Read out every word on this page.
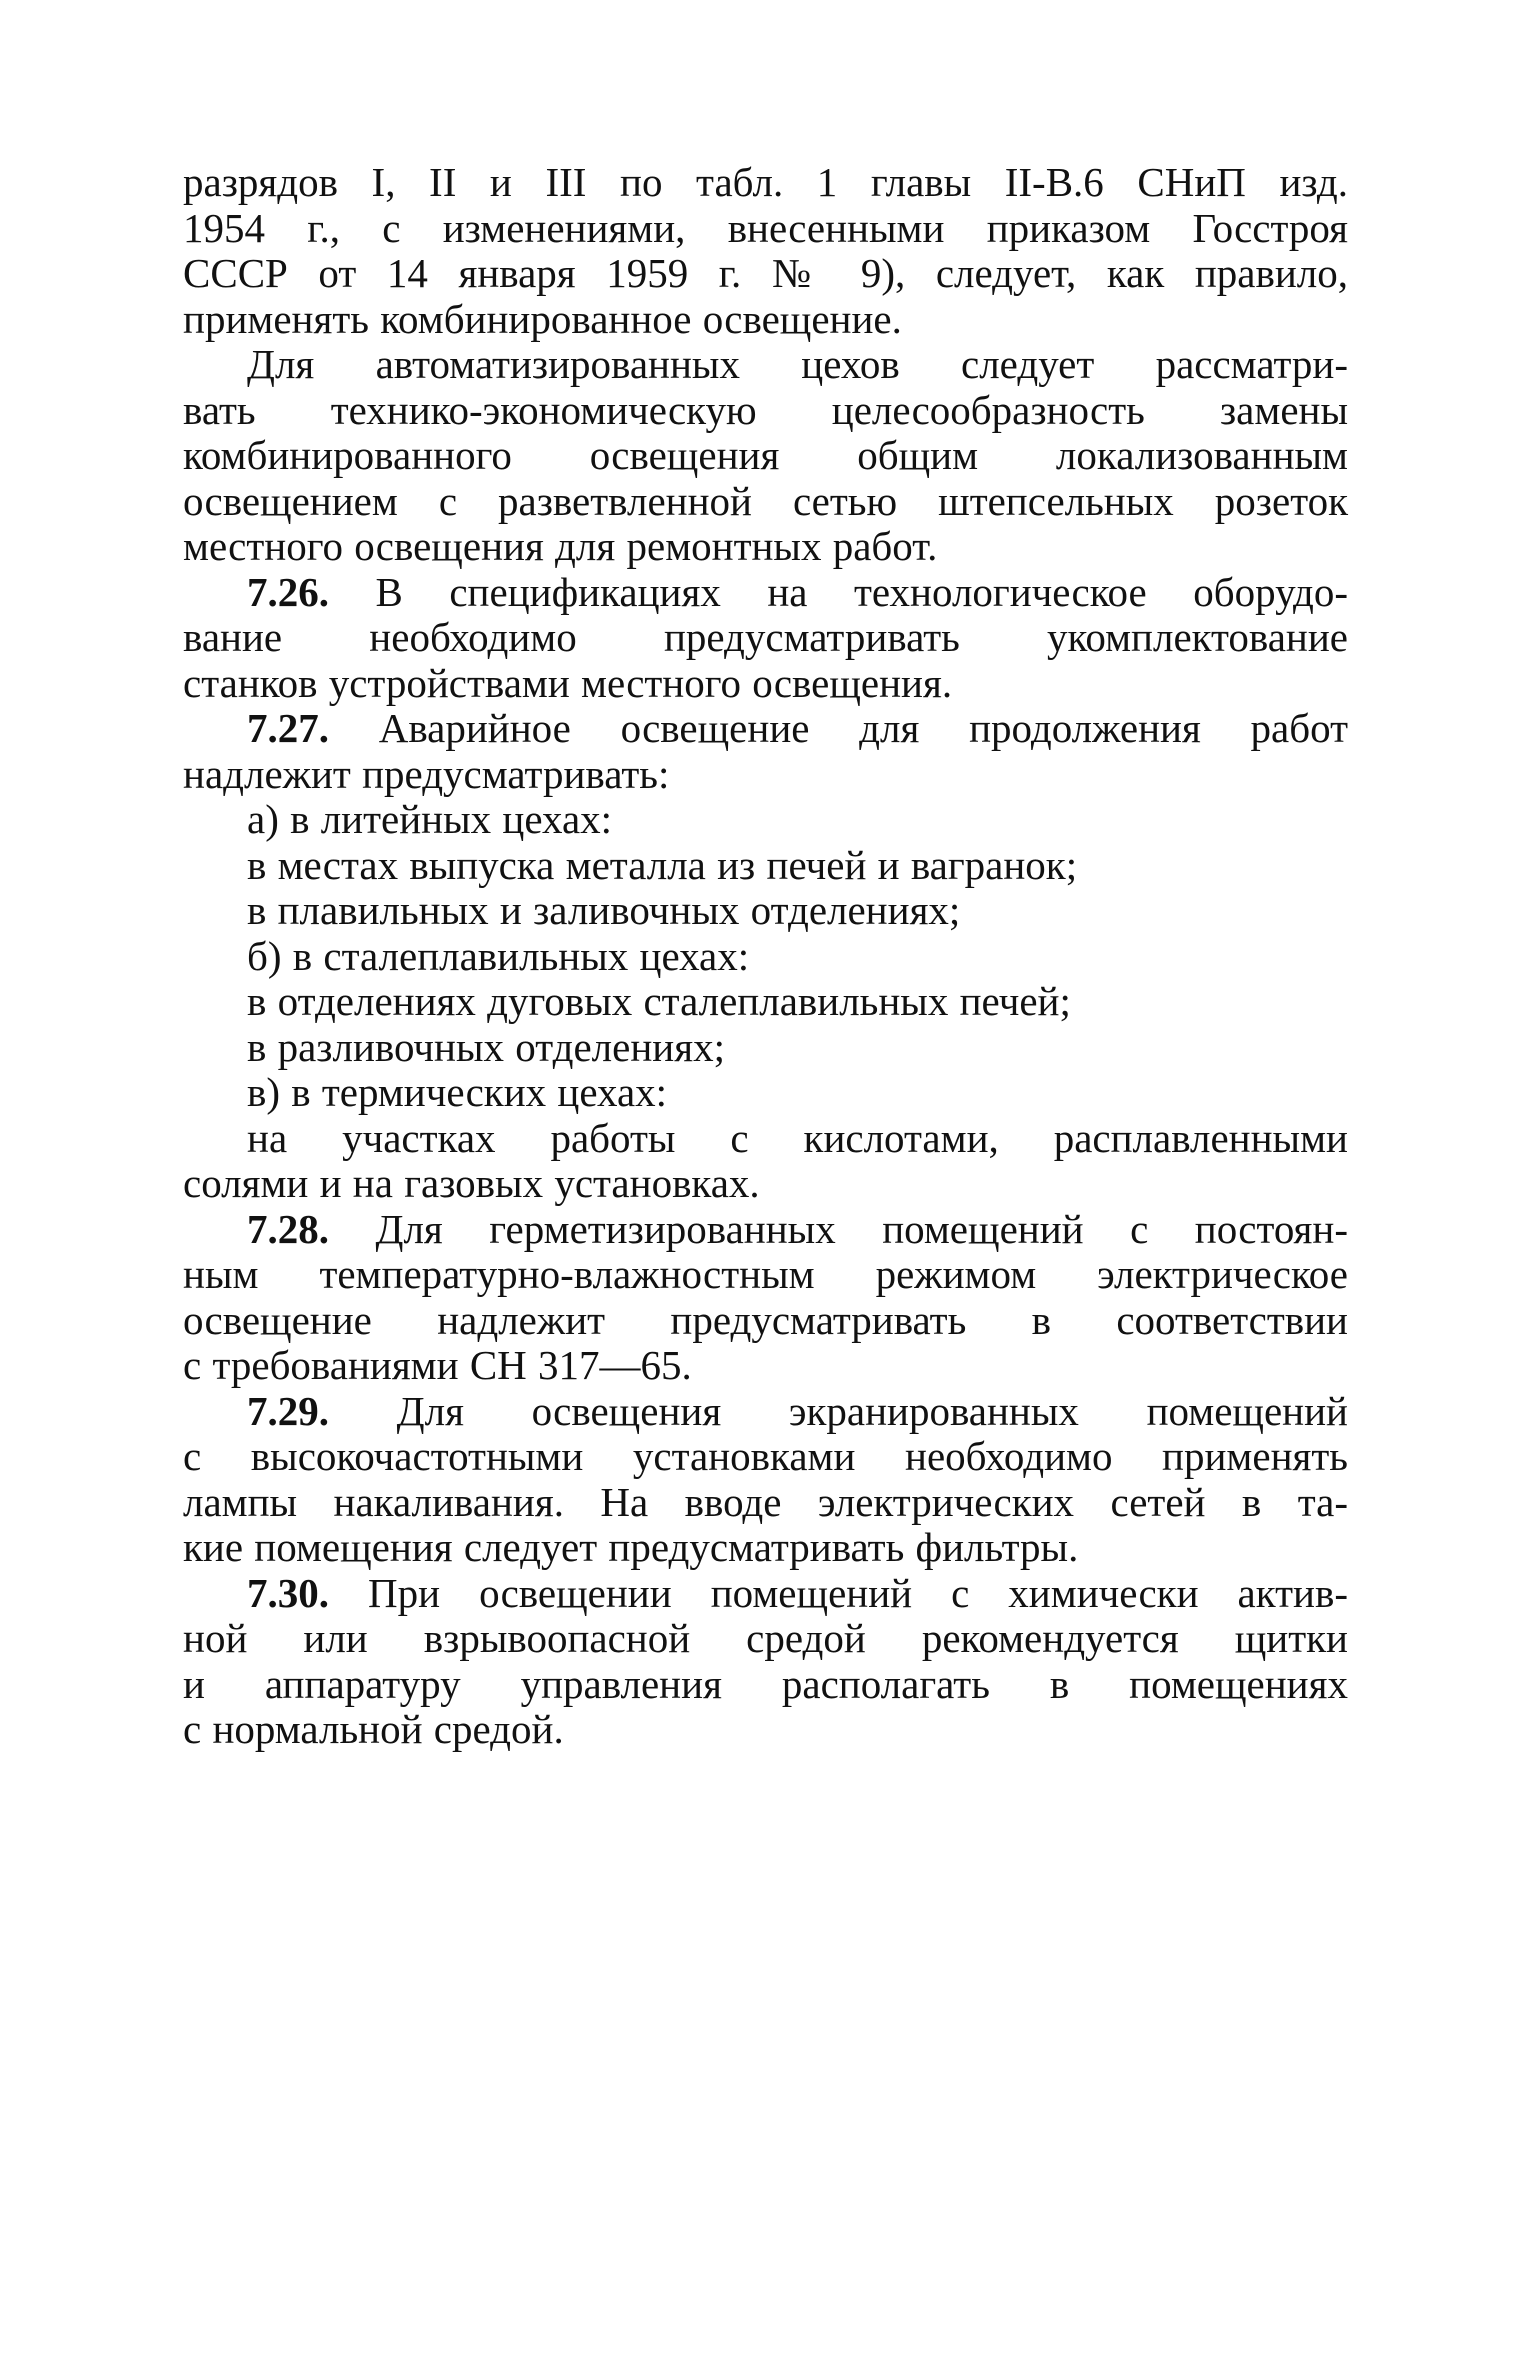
разрядов I, II и III по табл. 1 главы II-В.6 СНиП изд.
1954 г., с изменениями, внесенными приказом Госстроя
СССР от 14 января 1959 г. № 9), следует, как правило,
применять комбинированное освещение.
Для автоматизированных цехов следует рассматри-
вать технико-экономическую целесообразность замены
комбинированного освещения общим локализованным
освещением с разветвленной сетью штепсельных розеток
местного освещения для ремонтных работ.
7.26. В спецификациях на технологическое оборудо-
вание необходимо предусматривать укомплектование
станков устройствами местного освещения.
7.27. Аварийное освещение для продолжения работ
надлежит предусматривать:
а) в литейных цехах:
в местах выпуска металла из печей и вагранок;
в плавильных и заливочных отделениях;
б) в сталеплавильных цехах:
в отделениях дуговых сталеплавильных печей;
в разливочных отделениях;
в) в термических цехах:
на участках работы с кислотами, расплавленными
солями и на газовых установках.
7.28. Для герметизированных помещений с постоян-
ным температурно-влажностным режимом электрическое
освещение надлежит предусматривать в соответствии
с требованиями СН 317—65.
7.29. Для освещения экранированных помещений
с высокочастотными установками необходимо применять
лампы накаливания. На вводе электрических сетей в та-
кие помещения следует предусматривать фильтры.
7.30. При освещении помещений с химически актив-
ной или взрывоопасной средой рекомендуется щитки
и аппаратуру управления располагать в помещениях
с нормальной средой.
